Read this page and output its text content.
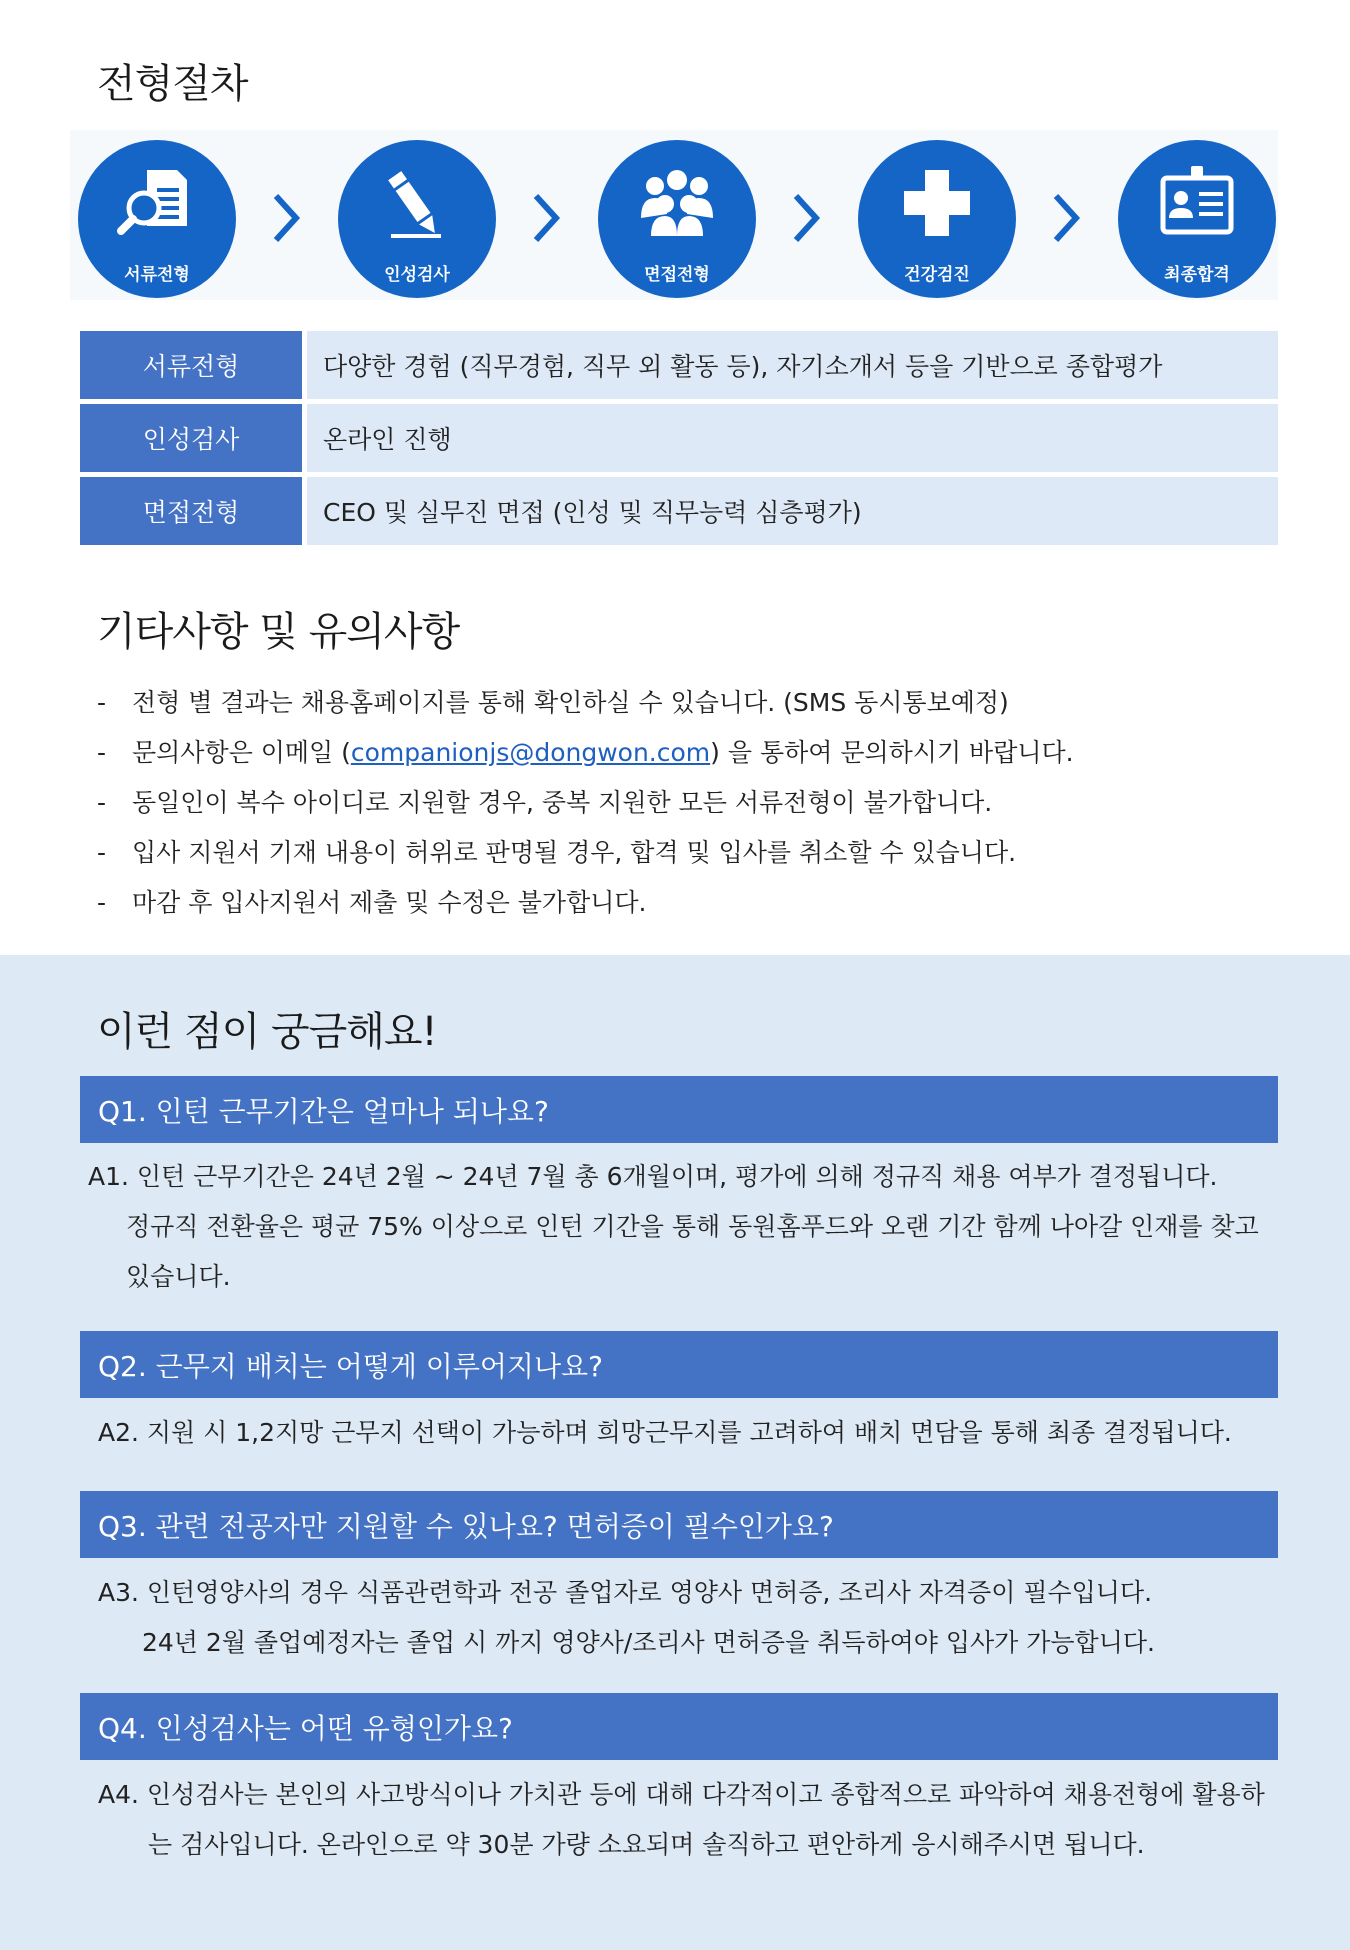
전형절차
서류전형	인성검사	면접전형	건강검진	최종합격
서류전형	다양한 경험 (직무경험, 직무 외 활동 등), 자기소개서 등을 기반으로 종합평가
인성검사	온라인 진행
면접전형	CEO 및 실무진 면접 (인성 및 직무능력 심층평가)
기타사항 및 유의사항
- 전형 별 결과는 채용홈페이지를 통해 확인하실 수 있습니다. (SMS 동시통보예정)
- 문의사항은 이메일 (companionjs@dongwon.com) 을 통하여 문의하시기 바랍니다.
- 동일인이 복수 아이디로 지원할 경우, 중복 지원한 모든 서류전형이 불가합니다.
- 입사 지원서 기재 내용이 허위로 판명될 경우, 합격 및 입사를 취소할 수 있습니다.
- 마감 후 입사지원서 제출 및 수정은 불가합니다.
이런 점이 궁금해요!
Q1. 인턴 근무기간은 얼마나 되나요?
A1. 인턴 근무기간은 24년 2월 ~ 24년 7월 총 6개월이며, 평가에 의해 정규직 채용 여부가 결정됩니다.
정규직 전환율은 평균 75% 이상으로 인턴 기간을 통해 동원홈푸드와 오랜 기간 함께 나아갈 인재를 찾고
있습니다.
Q2. 근무지 배치는 어떻게 이루어지나요?
A2. 지원 시 1,2지망 근무지 선택이 가능하며 희망근무지를 고려하여 배치 면담을 통해 최종 결정됩니다.
Q3. 관련 전공자만 지원할 수 있나요? 면허증이 필수인가요?
A3. 인턴영양사의 경우 식품관련학과 전공 졸업자로 영양사 면허증, 조리사 자격증이 필수입니다.
24년 2월 졸업예정자는 졸업 시 까지 영양사/조리사 면허증을 취득하여야 입사가 가능합니다.
Q4. 인성검사는 어떤 유형인가요?
A4. 인성검사는 본인의 사고방식이나 가치관 등에 대해 다각적이고 종합적으로 파악하여 채용전형에 활용하
는 검사입니다. 온라인으로 약 30분 가량 소요되며 솔직하고 편안하게 응시해주시면 됩니다.
